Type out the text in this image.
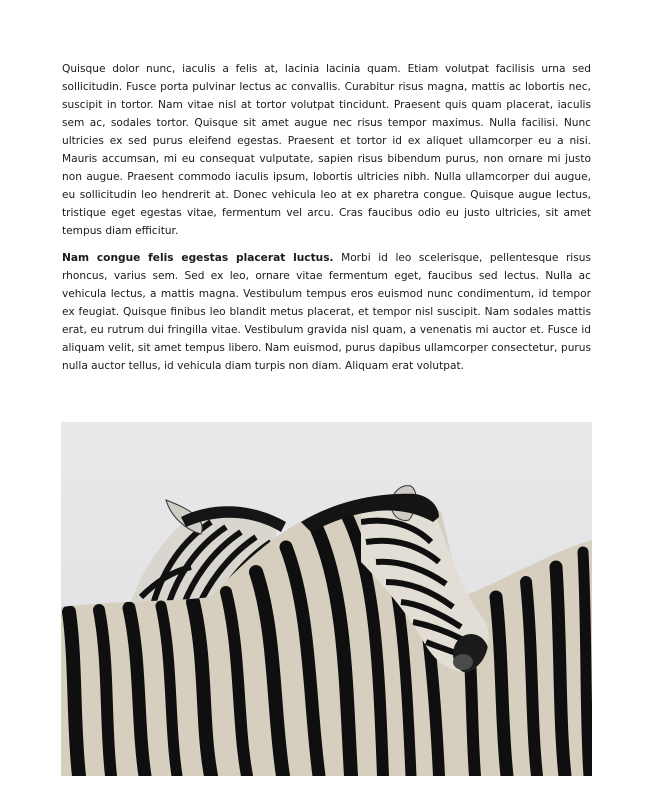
Quisque dolor nunc, iaculis a felis at, lacinia lacinia quam. Etiam volutpat facilisis urna sed sollicitudin. Fusce porta pulvinar lectus ac convallis. Curabitur risus magna, mattis ac lobortis nec, suscipit in tortor. Nam vitae nisl at tortor volutpat tincidunt. Praesent quis quam placerat, iaculis sem ac, sodales tortor. Quisque sit amet augue nec risus tempor maximus. Nulla facilisi. Nunc ultricies ex sed purus eleifend egestas. Praesent et tortor id ex aliquet ullamcorper eu a nisi. Mauris accumsan, mi eu consequat vulputate, sapien risus bibendum purus, non ornare mi justo non augue. Praesent commodo iaculis ipsum, lobortis ultricies nibh. Nulla ullamcorper dui augue, eu sollicitudin leo hendrerit at. Donec vehicula leo at ex pharetra congue. Quisque augue lectus, tristique eget egestas vitae, fermentum vel arcu. Cras faucibus odio eu justo ultricies, sit amet tempus diam efficitur.

Nam congue felis egestas placerat luctus. Morbi id leo scelerisque, pellentesque risus rhoncus, varius sem. Sed ex leo, ornare vitae fermentum eget, faucibus sed lectus. Nulla ac vehicula lectus, a mattis magna. Vestibulum tempus eros euismod nunc condimentum, id tempor ex feugiat. Quisque finibus leo blandit metus placerat, et tempor nisl suscipit. Nam sodales mattis erat, eu rutrum dui fringilla vitae. Vestibulum gravida nisl quam, a venenatis mi auctor et. Fusce id aliquam velit, sit amet tempus libero. Nam euismod, purus dapibus ullamcorper consectetur, purus nulla auctor tellus, id vehicula diam turpis non diam. Aliquam erat volutpat.
